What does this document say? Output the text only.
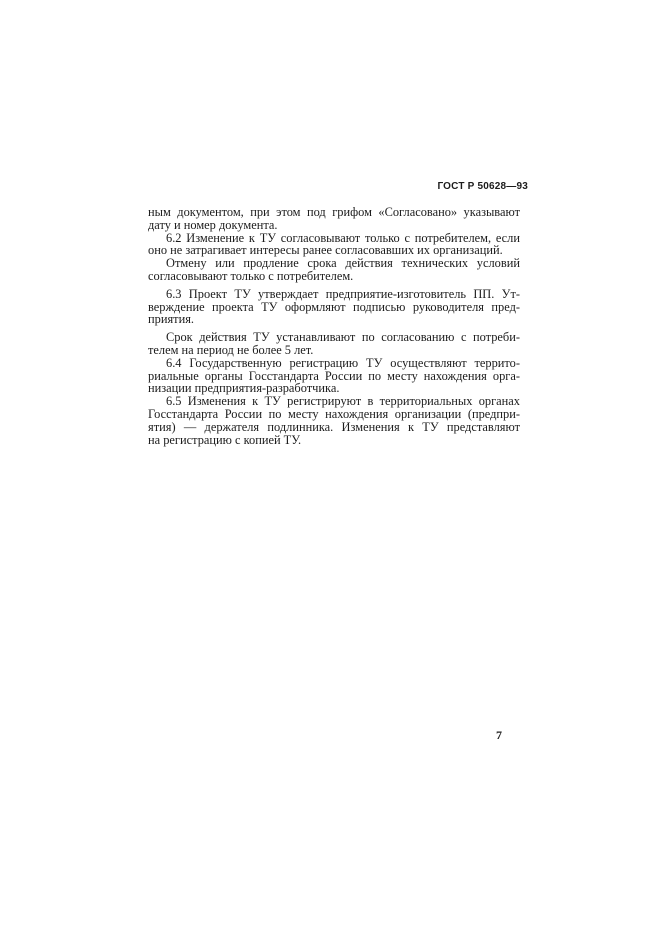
ГОСТ Р 50628—93
ным документом, при этом под грифом «Согласовано» указывают
дату и номер документа.
6.2 Изменение к ТУ согласовывают только с потребителем, если
оно не затрагивает интересы ранее согласовавших их организаций.
Отмену или продление срока действия технических условий
согласовывают только с потребителем.
6.3 Проект ТУ утверждает предприятие-изготовитель ПП. Ут-
верждение проекта ТУ оформляют подписью руководителя пред-
приятия.
Срок действия ТУ устанавливают по согласованию с потреби-
телем на период не более 5 лет.
6.4 Государственную регистрацию ТУ осуществляют террито-
риальные органы Госстандарта России по месту нахождения орга-
низации предприятия-разработчика.
6.5 Изменения к ТУ регистрируют в территориальных органах
Госстандарта России по месту нахождения организации (предпри-
ятия) — держателя подлинника. Изменения к ТУ представляют
на регистрацию с копией ТУ.
7
